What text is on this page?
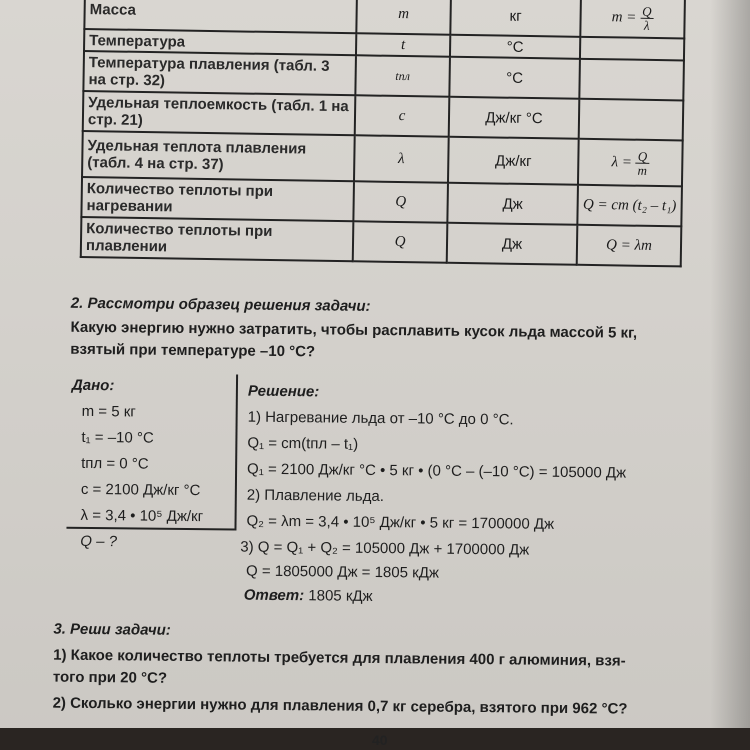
Масса	m	кг	$m = \frac{Q}{\lambda}$

Температура	t	°С	
Температура плавления (табл. 3 на стр. 32)	tпл	°С	
Удельная теплоемкость (табл. 1 на стр. 21)	c	Дж/кг °С	
Удельная теплота плавления (табл. 4 на стр. 37)	λ	Дж/кг	$\lambda = \frac{Q}{m}$

Количество теплоты при нагревании	Q	Дж	Q = cm (t₂ – t₁)
Количество теплоты при плавлении	Q	Дж	Q = λm
2. Рассмотри образец решения задачи:
Какую энергию нужно затратить, чтобы расплавить кусок льда массой 5 кг,
взятый при температуре –10 °С?
Дано:
m = 5 кг
t₁ = –10 °С
tпл = 0 °С
c = 2100 Дж/кг °С
λ = 3,4 • 10⁵ Дж/кг
Q – ?
Решение:
1) Нагревание льда от –10 °С до 0 °С.
Q₁ = cm(tпл – t₁)
Q₁ = 2100 Дж/кг °С • 5 кг • (0 °С – (–10 °С) = 105000 Дж
2) Плавление льда.
Q₂ = λm = 3,4 • 10⁵ Дж/кг • 5 кг = 1700000 Дж
3) Q = Q₁ + Q₂ = 105000 Дж + 1700000 Дж
Q = 1805000 Дж = 1805 кДж
Ответ: 1805 кДж
3. Реши задачи:
1) Какое количество теплоты требуется для плавления 400 г алюминия, взя-
того при 20 °С?
2) Сколько энергии нужно для плавления 0,7 кг серебра, взятого при 962 °С?
40
